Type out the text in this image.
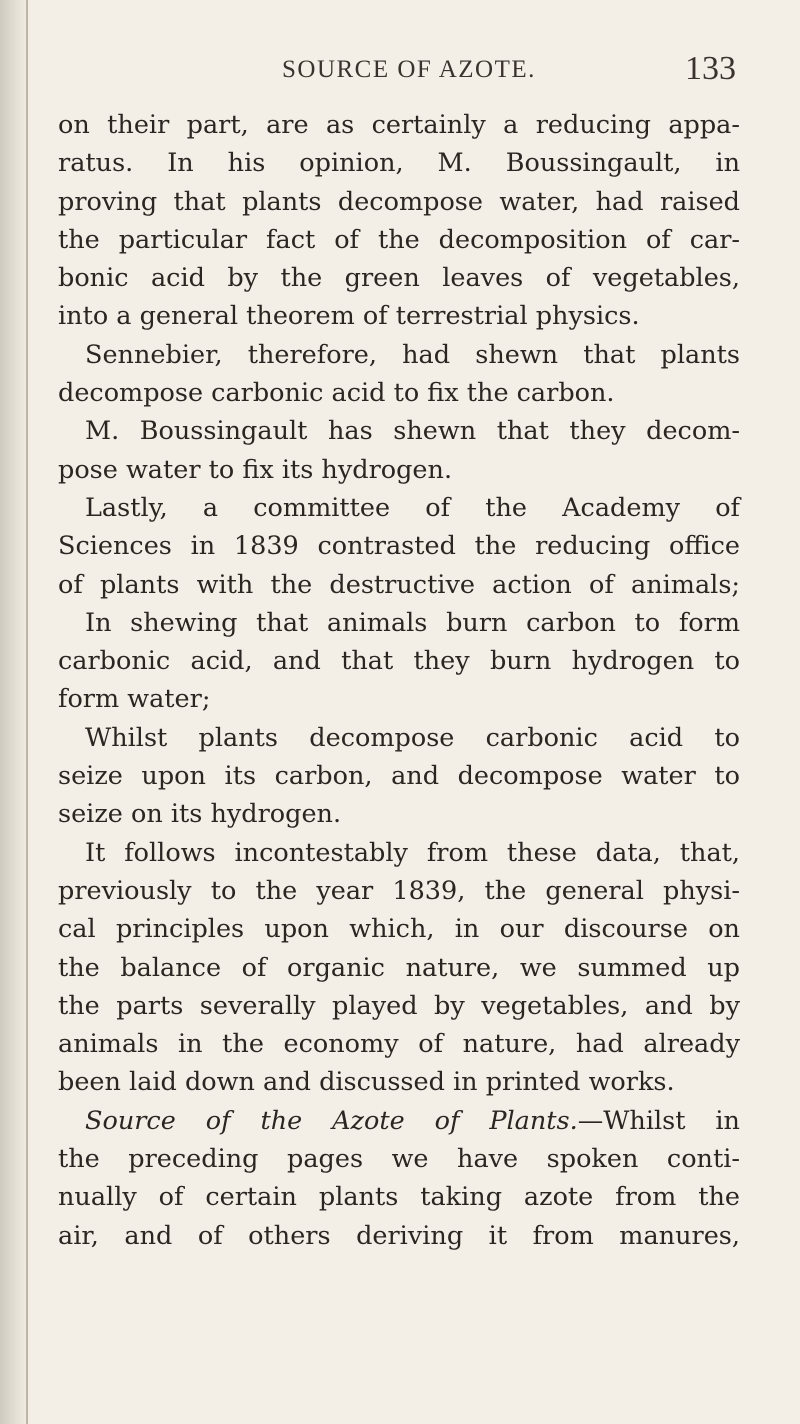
SOURCE OF AZOTE.	133
on their part, are as certainly a reducing appa-
ratus. In his opinion, M. Boussingault, in
proving that plants decompose water, had raised
the particular fact of the decomposition of car-
bonic acid by the green leaves of vegetables,
into a general theorem of terrestrial physics.
Sennebier, therefore, had shewn that plants
decompose carbonic acid to fix the carbon.
M. Boussingault has shewn that they decom-
pose water to fix its hydrogen.
Lastly, a committee of the Academy of
Sciences in 1839 contrasted the reducing office
of plants with the destructive action of animals;
In shewing that animals burn carbon to form
carbonic acid, and that they burn hydrogen to
form water;
Whilst plants decompose carbonic acid to
seize upon its carbon, and decompose water to
seize on its hydrogen.
It follows incontestably from these data, that,
previously to the year 1839, the general physi-
cal principles upon which, in our discourse on
the balance of organic nature, we summed up
the parts severally played by vegetables, and by
animals in the economy of nature, had already
been laid down and discussed in printed works.
Source of the Azote of Plants.—Whilst in
the preceding pages we have spoken conti-
nually of certain plants taking azote from the
air, and of others deriving it from manures,
